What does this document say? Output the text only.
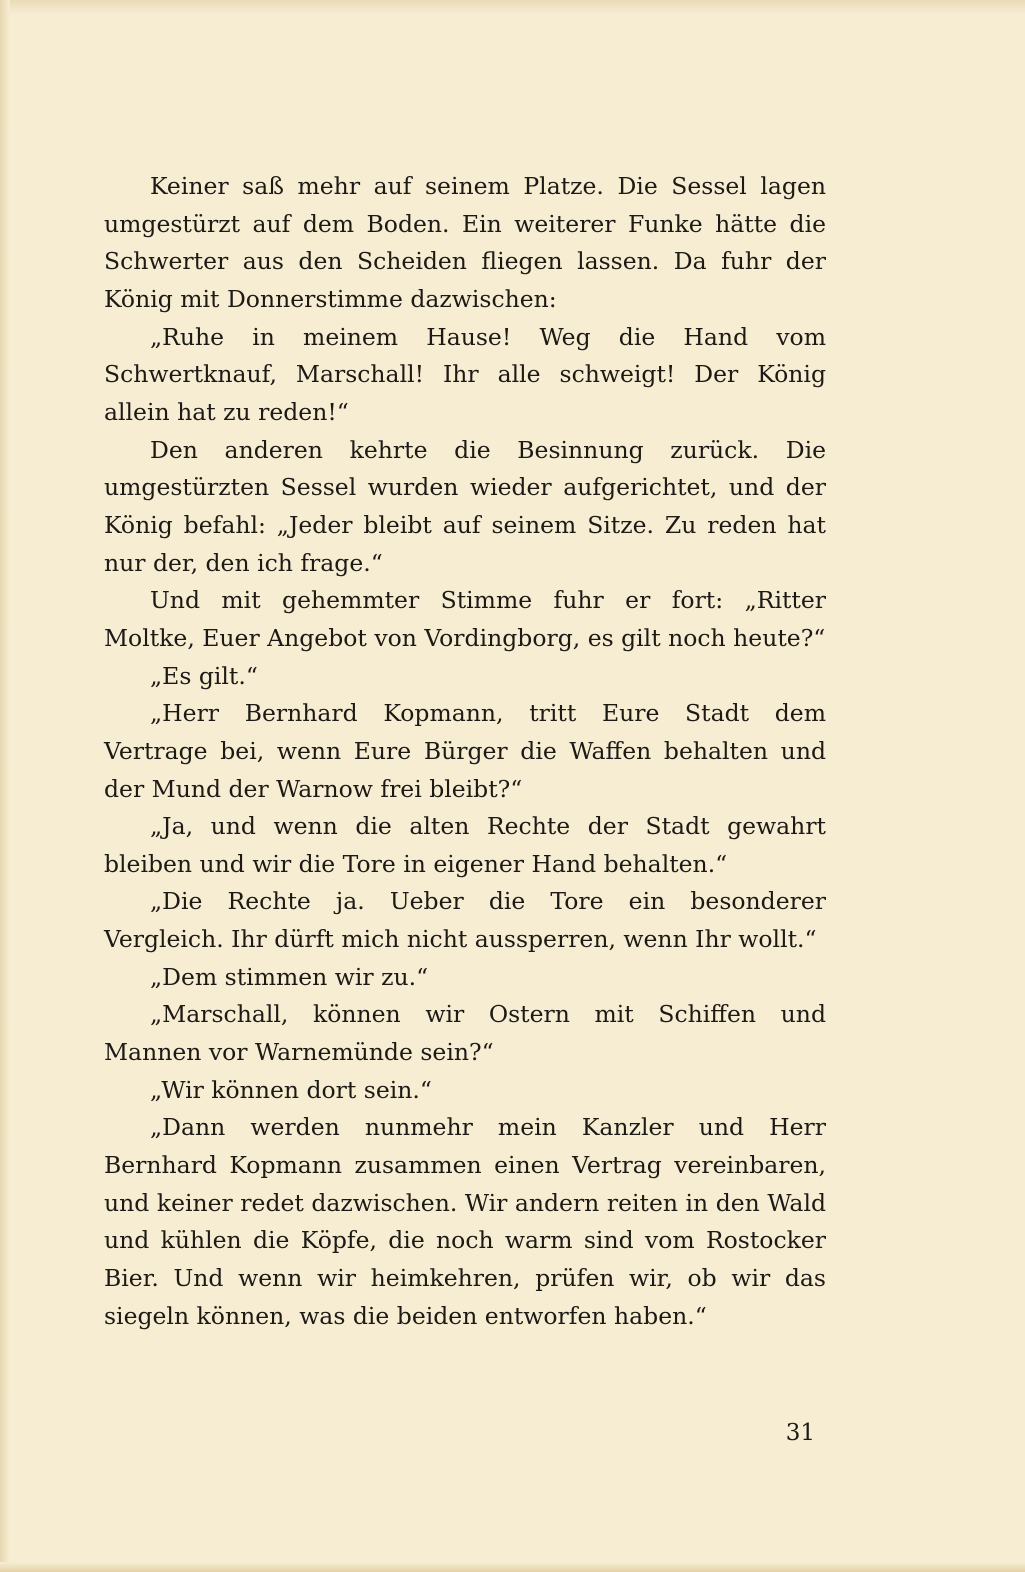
Keiner saß mehr auf seinem Platze. Die Sessel lagen umgestürzt auf dem Boden. Ein weiterer Funke hätte die Schwerter aus den Scheiden fliegen lassen. Da fuhr der König mit Donnerstimme dazwischen:

„Ruhe in meinem Hause! Weg die Hand vom Schwertknauf, Marschall! Ihr alle schweigt! Der König allein hat zu reden!“

Den anderen kehrte die Besinnung zurück. Die umgestürzten Sessel wurden wieder aufgerichtet, und der König befahl: „Jeder bleibt auf seinem Sitze. Zu reden hat nur der, den ich frage.“

Und mit gehemmter Stimme fuhr er fort: „Ritter Moltke, Euer Angebot von Vordingborg, es gilt noch heute?“

„Es gilt.“

„Herr Bernhard Kopmann, tritt Eure Stadt dem Vertrage bei, wenn Eure Bürger die Waffen behalten und der Mund der Warnow frei bleibt?“

„Ja, und wenn die alten Rechte der Stadt gewahrt bleiben und wir die Tore in eigener Hand behalten.“

„Die Rechte ja. Ueber die Tore ein besonderer Vergleich. Ihr dürft mich nicht aussperren, wenn Ihr wollt.“

„Dem stimmen wir zu.“

„Marschall, können wir Ostern mit Schiffen und Mannen vor Warnemünde sein?“

„Wir können dort sein.“

„Dann werden nunmehr mein Kanzler und Herr Bernhard Kopmann zusammen einen Vertrag vereinbaren, und keiner redet dazwischen. Wir andern reiten in den Wald und kühlen die Köpfe, die noch warm sind vom Rostocker Bier. Und wenn wir heimkehren, prüfen wir, ob wir das siegeln können, was die beiden entworfen haben.“

31
